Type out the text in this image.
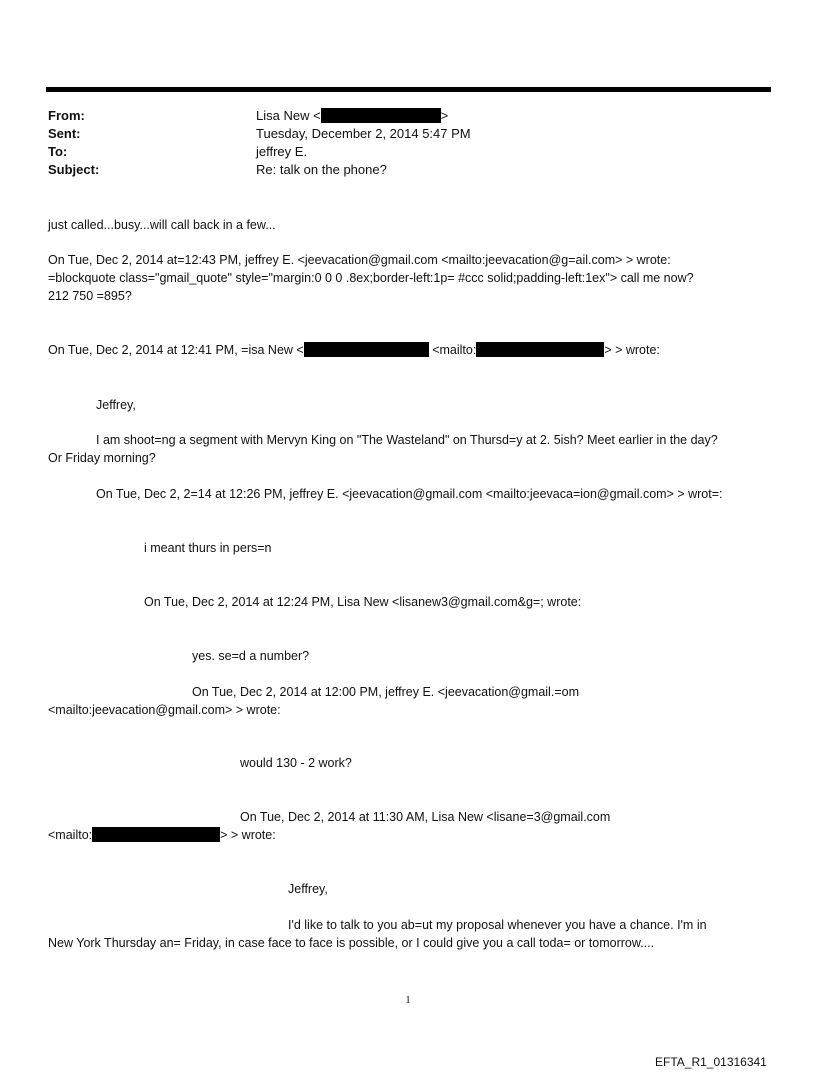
From:	Lisa New <	>
Sent:	Tuesday, December 2, 2014 5:47 PM
To:	jeffrey E.
Subject:	Re: talk on the phone?
just called...busy...will call back in a few...
On Tue, Dec 2, 2014 at=12:43 PM, jeffrey E. <jeevacation@gmail.com <mailto:jeevacation@g=ail.com> > wrote:
=blockquote class="gmail_quote" style="margin:0 0 0 .8ex;border-left:1p= #ccc solid;padding-left:1ex"> call me now?
212 750 =895?
On Tue, Dec 2, 2014 at 12:41 PM, =isa New <	<mailto:	> > wrote:
Jeffrey,
I am shoot=ng a segment with Mervyn King on "The Wasteland" on Thursd=y at 2. 5ish? Meet earlier in the day?
Or Friday morning?
On Tue, Dec 2, 2=14 at 12:26 PM, jeffrey E. <jeevacation@gmail.com <mailto:jeevaca=ion@gmail.com> > wrot=:
i meant thurs in pers=n
On Tue, Dec 2, 2014 at 12:24 PM, Lisa New <lisanew3@gmail.com&g=; wrote:
yes. se=d a number?
On Tue, Dec 2, 2014 at 12:00 PM, jeffrey E. <jeevacation@gmail.=om
<mailto:jeevacation@gmail.com> > wrote:
would 130 - 2 work?
On Tue, Dec 2, 2014 at 11:30 AM, Lisa New <lisane=3@gmail.com
<mailto:	> > wrote:
Jeffrey,
I'd like to talk to you ab=ut my proposal whenever you have a chance. I'm in
New York Thursday an= Friday, in case face to face is possible, or I could give you a call toda= or tomorrow....
1
EFTA_R1_01316341
